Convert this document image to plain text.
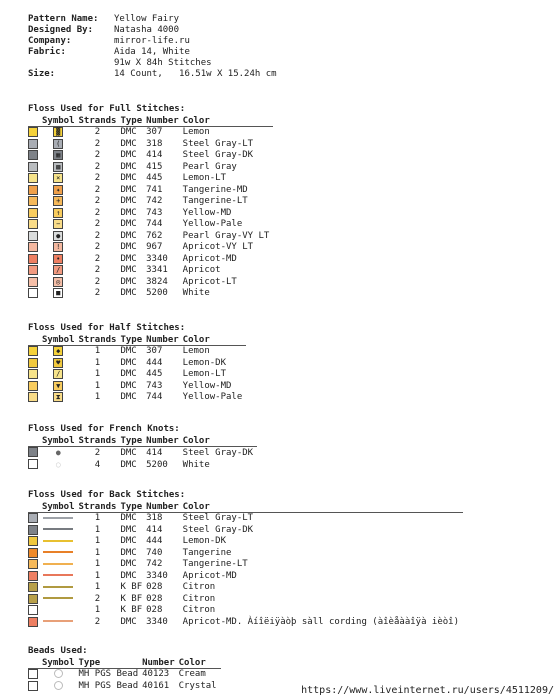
Pattern Name:	Yellow Fairy
Designed By:	Natasha 4000
Company:	mirror-life.ru
Fabric:	Aida 14, White
91w X 84h Stitches
Size:	14 Count,   16.51w X 15.24h cm
Floss Used for Full Stitches:
	Symbol	Strands	Type	Number	Color
	▓	2	DMC	307	Lemon
	(	2	DMC	318	Steel Gray-LT
	▦	2	DMC	414	Steel Gray-DK
	▩	2	DMC	415	Pearl Gray
	⨯	2	DMC	445	Lemon-LT
	✦	2	DMC	741	Tangerine-MD
	+	2	DMC	742	Tangerine-LT
	↑	2	DMC	743	Yellow-MD
	−	2	DMC	744	Yellow-Pale
	●	2	DMC	762	Pearl Gray-VY LT
	!	2	DMC	967	Apricot-VY LT
	•	2	DMC	3340	Apricot-MD
	/	2	DMC	3341	Apricot
	◎	2	DMC	3824	Apricot-LT
	■	2	DMC	5200	White
Floss Used for Half Stitches:
	Symbol	Strands	Type	Number	Color
	◆	1	DMC	307	Lemon
	♥	1	DMC	444	Lemon-DK
	∕	1	DMC	445	Lemon-LT
	▼	1	DMC	743	Yellow-MD
	⧗	1	DMC	744	Yellow-Pale
Floss Used for French Knots:
	Symbol	Strands	Type	Number	Color
	●	2	DMC	414	Steel Gray-DK
	○	4	DMC	5200	White
Floss Used for Back Stitches:
	Symbol	Strands	Type	Number	Color
		1	DMC	318	Steel Gray-LT
		1	DMC	414	Steel Gray-DK
		1	DMC	444	Lemon-DK
		1	DMC	740	Tangerine
		1	DMC	742	Tangerine-LT
		1	DMC	3340	Apricot-MD
		1	K BF	028	Citron
		2	K BF	028	Citron
		1	K BF	028	Citron
		2	DMC	3340	Apricot-MD. Àíîëiÿàòþ sàll cording (àîèåààîÿà ièòî)
Beads Used:
	Symbol	Type	Number	Color
		MH PGS Bead	40123	Cream
		MH PGS Bead	40161	Crystal	https://www.liveinternet.ru/users/4511209/
